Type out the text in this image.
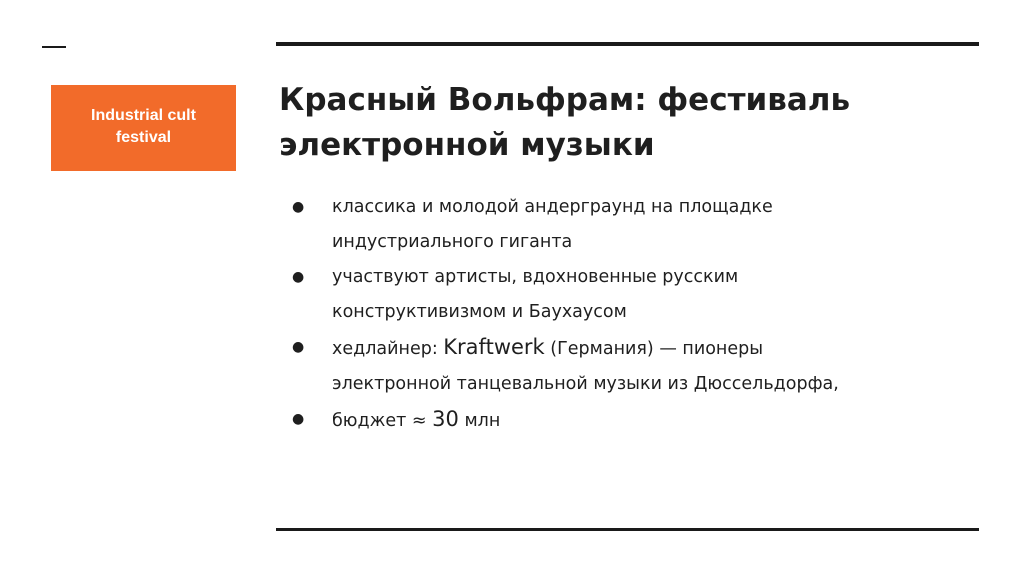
Industrial cult
festival
Красный Вольфрам: фестиваль
электронной музыки
● классика и молодой андерграунд на площадке
индустриального гиганта
● участвуют артисты, вдохновенные русским
конструктивизмом и Баухаусом
● хедлайнер: Kraftwerk (Германия) — пионеры
электронной танцевальной музыки из Дюссельдорфа,
● бюджет ≈ 30 млн
